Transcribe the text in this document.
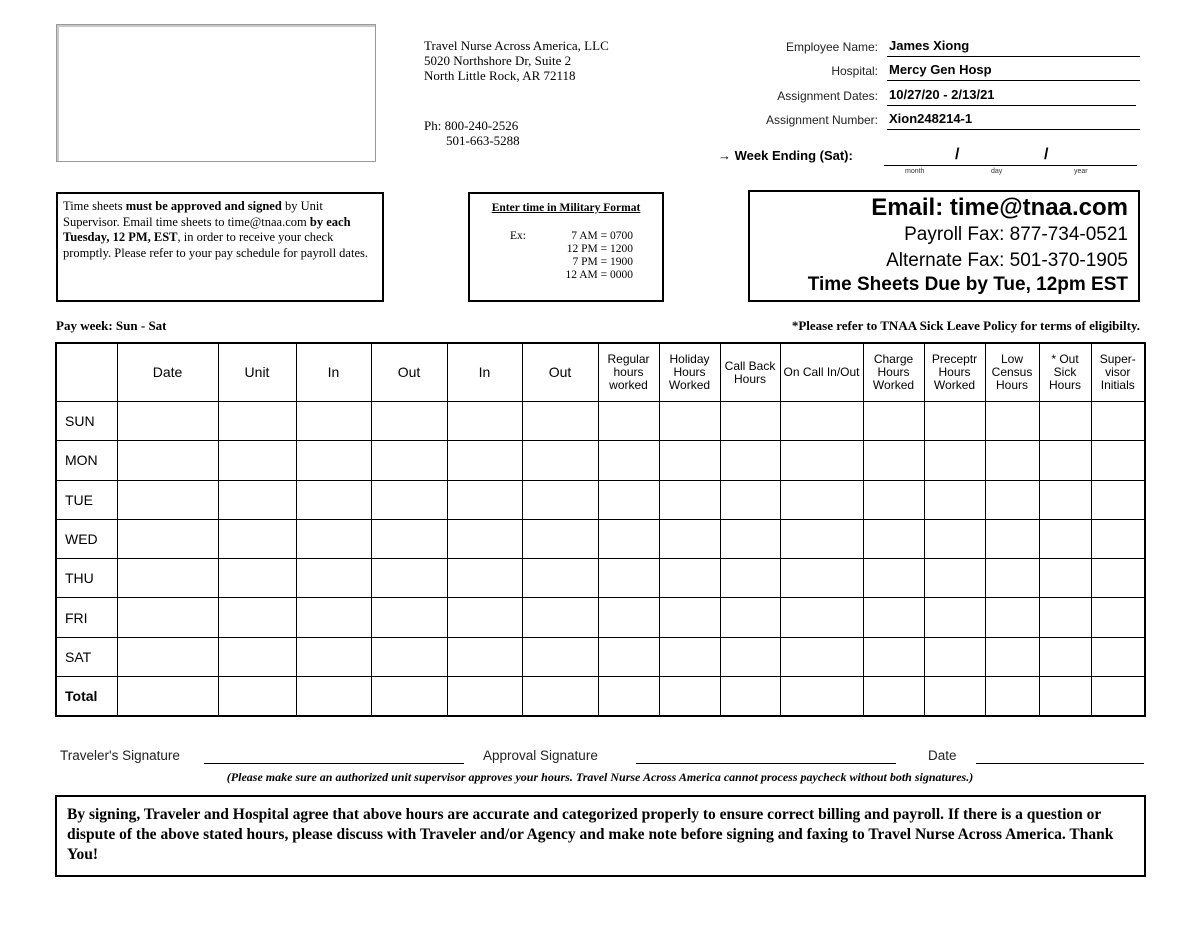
Travel Nurse Across America, LLC
5020 Northshore Dr, Suite 2
North Little Rock, AR 72118
Ph: 800-240-2526
501-663-5288
Employee Name: James Xiong
Hospital: Mercy Gen Hosp
Assignment Dates: 10/27/20 - 2/13/21
Assignment Number: Xion248214-1
→ Week Ending (Sat):	/	/
month	day	year
Time sheets must be approved and signed by Unit Supervisor. Email time sheets to time@tnaa.com by each Tuesday, 12 PM, EST, in order to receive your check promptly. Please refer to your pay schedule for payroll dates.
Enter time in Military Format
Ex:	7 AM = 0700
12 PM = 1200
7 PM = 1900
12 AM = 0000
Email: time@tnaa.com
Payroll Fax: 877-734-0521
Alternate Fax: 501-370-1905
Time Sheets Due by Tue, 12pm EST
Pay week: Sun - Sat	*Please refer to TNAA Sick Leave Policy for terms of eligibilty.
	Date	Unit	In	Out	In	Out	Regular hours worked	Holiday Hours Worked	Call Back Hours	On Call In/Out	Charge Hours Worked	Preceptr Hours Worked	Low Census Hours	* Out Sick Hours	Super-visor Initials
SUN															
MON															
TUE															
WED															
THU															
FRI															
SAT															
Total															
Traveler's Signature	Approval Signature	Date
(Please make sure an authorized unit supervisor approves your hours. Travel Nurse Across America cannot process paycheck without both signatures.)
By signing, Traveler and Hospital agree that above hours are accurate and categorized properly to ensure correct billing and payroll. If there is a question or dispute of the above stated hours, please discuss with Traveler and/or Agency and make note before signing and faxing to Travel Nurse Across America. Thank You!
